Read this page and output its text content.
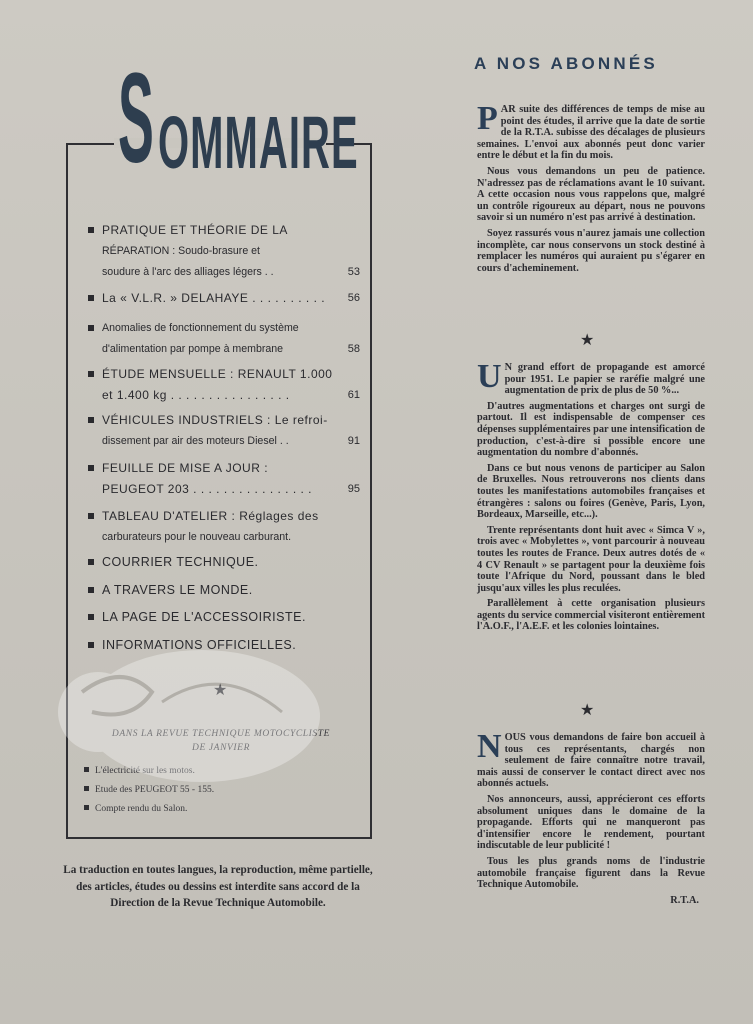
S OMMAIRE
PRATIQUE ET THÉORIE DE LA
RÉPARATION : Soudo-brasure et
soudure à l'arc des alliages légers . .	53
La « V.L.R. » DELAHAYE . . . . . . . . . .	56
Anomalies de fonctionnement du système
d'alimentation par pompe à membrane	58
ÉTUDE MENSUELLE : RENAULT 1.000
et 1.400 kg . . . . . . . . . . . . . . . .	61
VÉHICULES INDUSTRIELS : Le refroi-
dissement par air des moteurs Diesel . .	91
FEUILLE DE MISE A JOUR :
PEUGEOT 203 . . . . . . . . . . . . . . . .	95
TABLEAU D'ATELIER : Réglages des
carburateurs pour le nouveau carburant.
COURRIER TECHNIQUE.
A TRAVERS LE MONDE.
LA PAGE DE L'ACCESSOIRISTE.
INFORMATIONS OFFICIELLES.
★
DANS LA REVUE TECHNIQUE MOTOCYCLISTE
DE JANVIER
L'électricité sur les motos.
Etude des PEUGEOT 55 - 155.
Compte rendu du Salon.
La traduction en toutes langues, la reproduction, même partielle, des articles, études ou dessins est interdite sans accord de la Direction de la Revue Technique Automobile.
A NOS ABONNÉS

PAR suite des différences de temps de mise au point des études, il arrive que la date de sortie de la R.T.A. subisse des décalages de plusieurs semaines. L'envoi aux abonnés peut donc varier entre le début et la fin du mois.

Nous vous demandons un peu de patience. N'adressez pas de réclamations avant le 10 suivant. A cette occasion nous vous rappelons que, malgré un contrôle rigoureux au départ, nous ne pouvons savoir si un numéro n'est pas arrivé à destination.

Soyez rassurés vous n'aurez jamais une collection incomplète, car nous conservons un stock destiné à remplacer les numéros qui auraient pu s'égarer en cours d'acheminement.

★

U N grand effort de propagande est amorcé pour 1951. Le papier se raréfie malgré une augmentation de prix de plus de 50 %...

D'autres augmentations et charges ont surgi de partout. Il est indispensable de compenser ces dépenses supplémentaires par une intensification de production, c'est-à-dire si possible encore une augmentation du nombre d'abonnés.

Dans ce but nous venons de participer au Salon de Bruxelles. Nous retrouverons nos clients dans toutes les manifestations automobiles françaises et étrangères : salons ou foires (Genève, Paris, Lyon, Bordeaux, Marseille, etc...).

Trente représentants dont huit avec « Simca V », trois avec « Mobylettes », vont parcourir à nouveau toutes les routes de France. Deux autres dotés de « 4 CV Renault » se partagent pour la deuxième fois toute l'Afrique du Nord, poussant dans le bled jusqu'aux villes les plus reculées.

Parallèlement à cette organisation plusieurs agents du service commercial visiteront entièrement l'A.O.F., l'A.E.F. et les colonies lointaines.

★

NOUS vous demandons de faire bon accueil à tous ces représentants, chargés non seulement de faire connaître notre travail, mais aussi de conserver le contact direct avec nos abonnés actuels.

Nos annonceurs, aussi, apprécieront ces efforts absolument uniques dans le domaine de la propagande. Efforts qui ne manqueront pas d'intensifier encore le rendement, pourtant indiscutable de leur publicité !

Tous les plus grands noms de l'industrie automobile française figurent dans la Revue Technique Automobile.

R.T.A.
